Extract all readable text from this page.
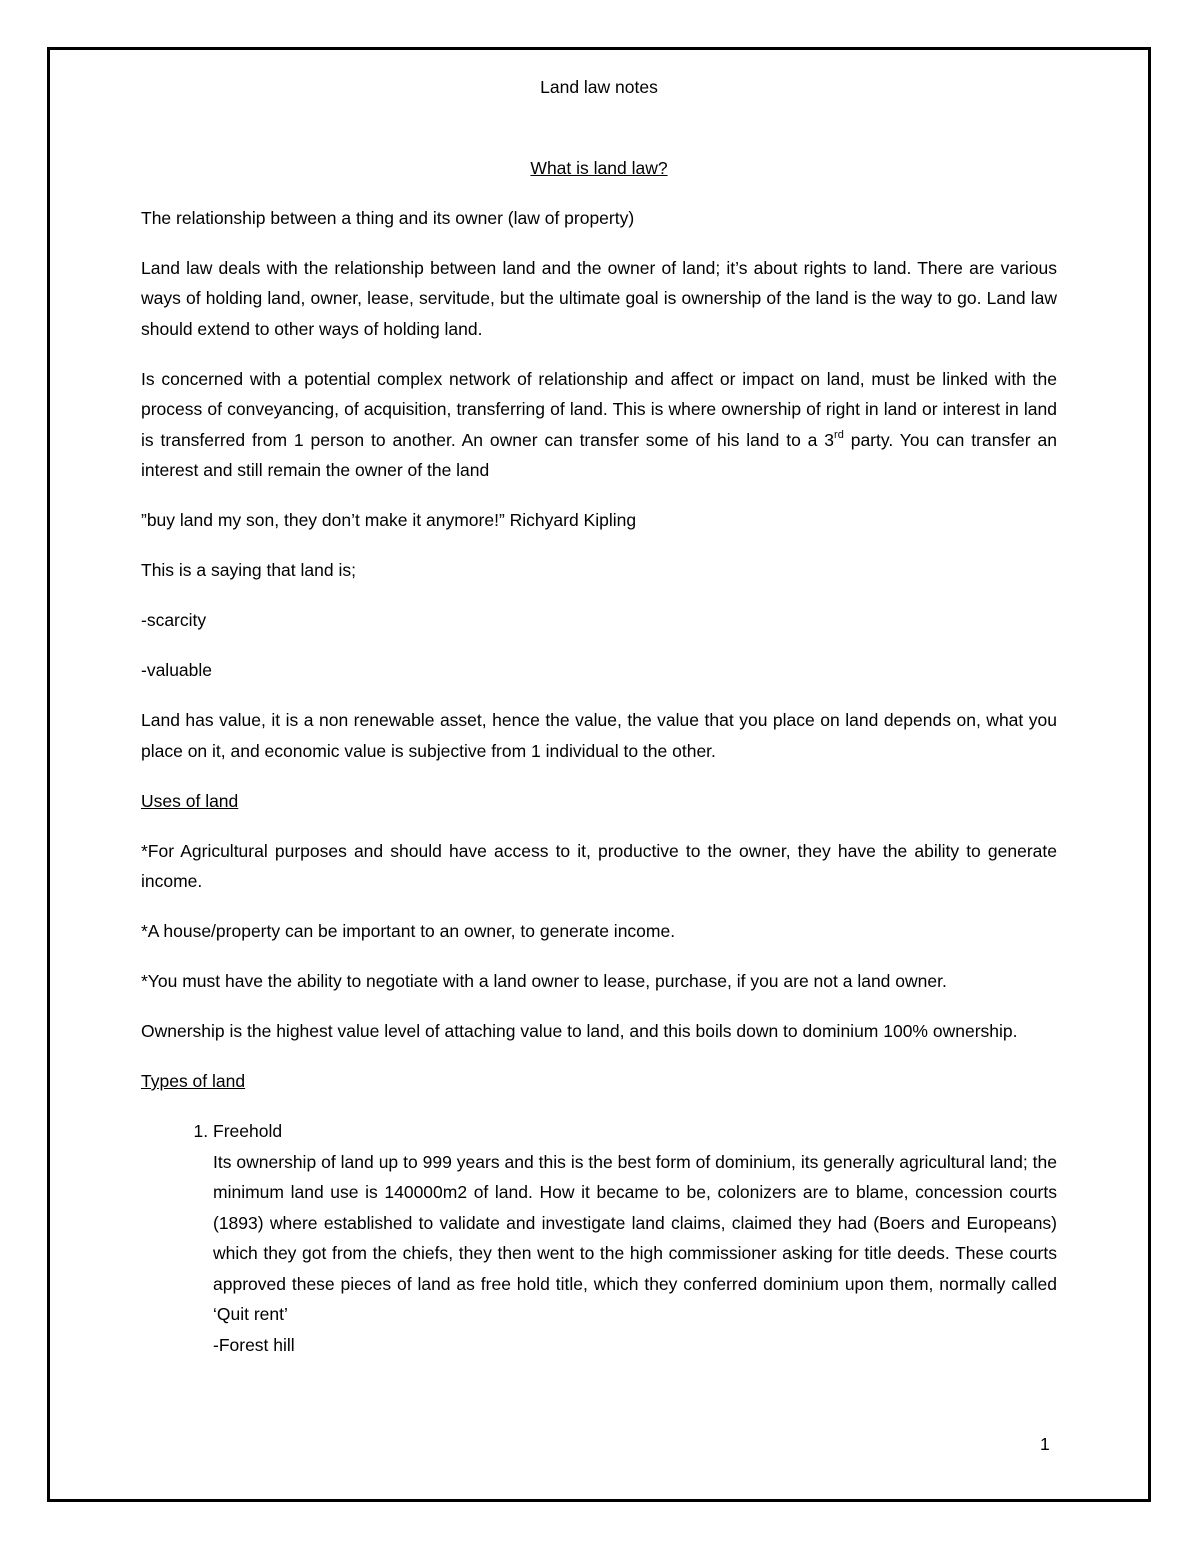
Land law notes

What is land law?

The relationship between a thing and its owner (law of property)

Land law deals with the relationship between land and the owner of land; it’s about rights to land. There are various ways of holding land, owner, lease, servitude, but the ultimate goal is ownership of the land is the way to go. Land law should extend to other ways of holding land.

Is concerned with a potential complex network of relationship and affect or impact on land, must be linked with the process of conveyancing, of acquisition, transferring of land. This is where ownership of right in land or interest in land is transferred from 1 person to another. An owner can transfer some of his land to a 3rd party. You can transfer an interest and still remain the owner of the land

”buy land my son, they don’t make it anymore!” Richyard Kipling

This is a saying that land is;

-scarcity

-valuable

Land has value, it is a non renewable asset, hence the value, the value that you place on land depends on, what you place on it, and economic value is subjective from 1 individual to the other.

Uses of land

*For Agricultural purposes and should have access to it, productive to the owner, they have the ability to generate income.

*A house/property can be important to an owner, to generate income.

*You must have the ability to negotiate with a land owner to lease, purchase, if you are not a land owner.

Ownership is the highest value level of attaching value to land, and this boils down to dominium 100% ownership.

Types of land

1. Freehold
Its ownership of land up to 999 years and this is the best form of dominium, its generally agricultural land; the minimum land use is 140000m2 of land. How it became to be, colonizers are to blame, concession courts (1893) where established to validate and investigate land claims, claimed they had (Boers and Europeans) which they got from the chiefs, they then went to the high commissioner asking for title deeds. These courts approved these pieces of land as free hold title, which they conferred dominium upon them, normally called ‘Quit rent’
-Forest hill
1
